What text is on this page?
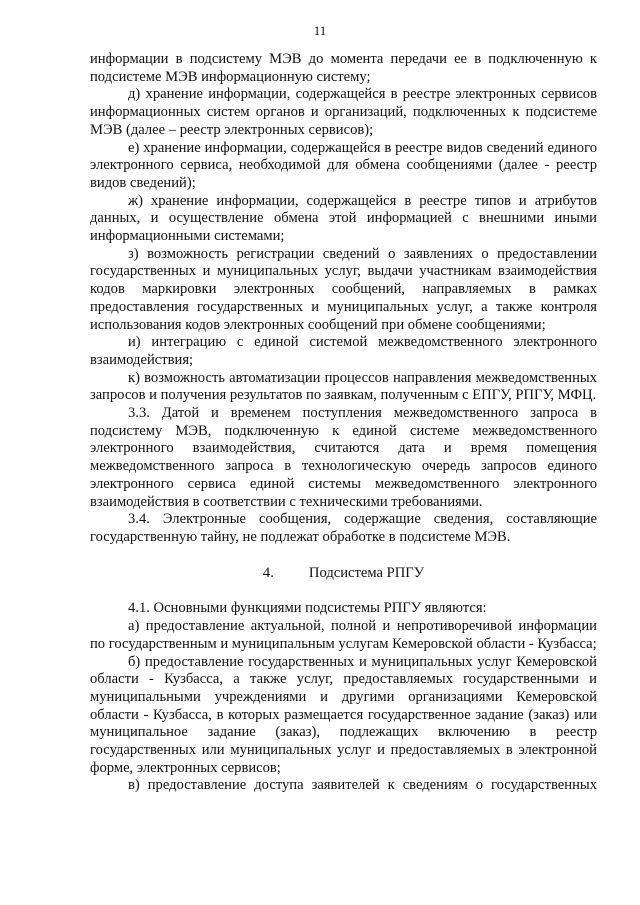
11

информации в подсистему МЭВ до момента передачи ее в подключенную к подсистеме МЭВ информационную систему;

д) хранение информации, содержащейся в реестре электронных сервисов информационных систем органов и организаций, подключенных к подсистеме МЭВ (далее – реестр электронных сервисов);

е) хранение информации, содержащейся в реестре видов сведений единого электронного сервиса, необходимой для обмена сообщениями (далее - реестр видов сведений);

ж) хранение информации, содержащейся в реестре типов и атрибутов данных, и осуществление обмена этой информацией с внешними иными информационными системами;

з) возможность регистрации сведений о заявлениях о предоставлении государственных и муниципальных услуг, выдачи участникам взаимодействия кодов маркировки электронных сообщений, направляемых в рамках предоставления государственных и муниципальных услуг, а также контроля использования кодов электронных сообщений при обмене сообщениями;

и) интеграцию с единой системой межведомственного электронного взаимодействия;

к) возможность автоматизации процессов направления межведомственных запросов и получения результатов по заявкам, полученным с ЕПГУ, РПГУ, МФЦ.

3.3. Датой и временем поступления межведомственного запроса в подсистему МЭВ, подключенную к единой системе межведомственного электронного взаимодействия, считаются дата и время помещения межведомственного запроса в технологическую очередь запросов единого электронного сервиса единой системы межведомственного электронного взаимодействия в соответствии с техническими требованиями.

3.4. Электронные сообщения, содержащие сведения, составляющие государственную тайну, не подлежат обработке в подсистеме МЭВ.

4. Подсистема РПГУ

4.1. Основными функциями подсистемы РПГУ являются:

а) предоставление актуальной, полной и непротиворечивой информации по государственным и муниципальным услугам Кемеровской области - Кузбасса;

б) предоставление государственных и муниципальных услуг Кемеровской области - Кузбасса, а также услуг, предоставляемых государственными и муниципальными учреждениями и другими организациями Кемеровской области - Кузбасса, в которых размещается государственное задание (заказ) или муниципальное задание (заказ), подлежащих включению в реестр государственных или муниципальных услуг и предоставляемых в электронной форме, электронных сервисов;

в) предоставление доступа заявителей к сведениям о государственных
